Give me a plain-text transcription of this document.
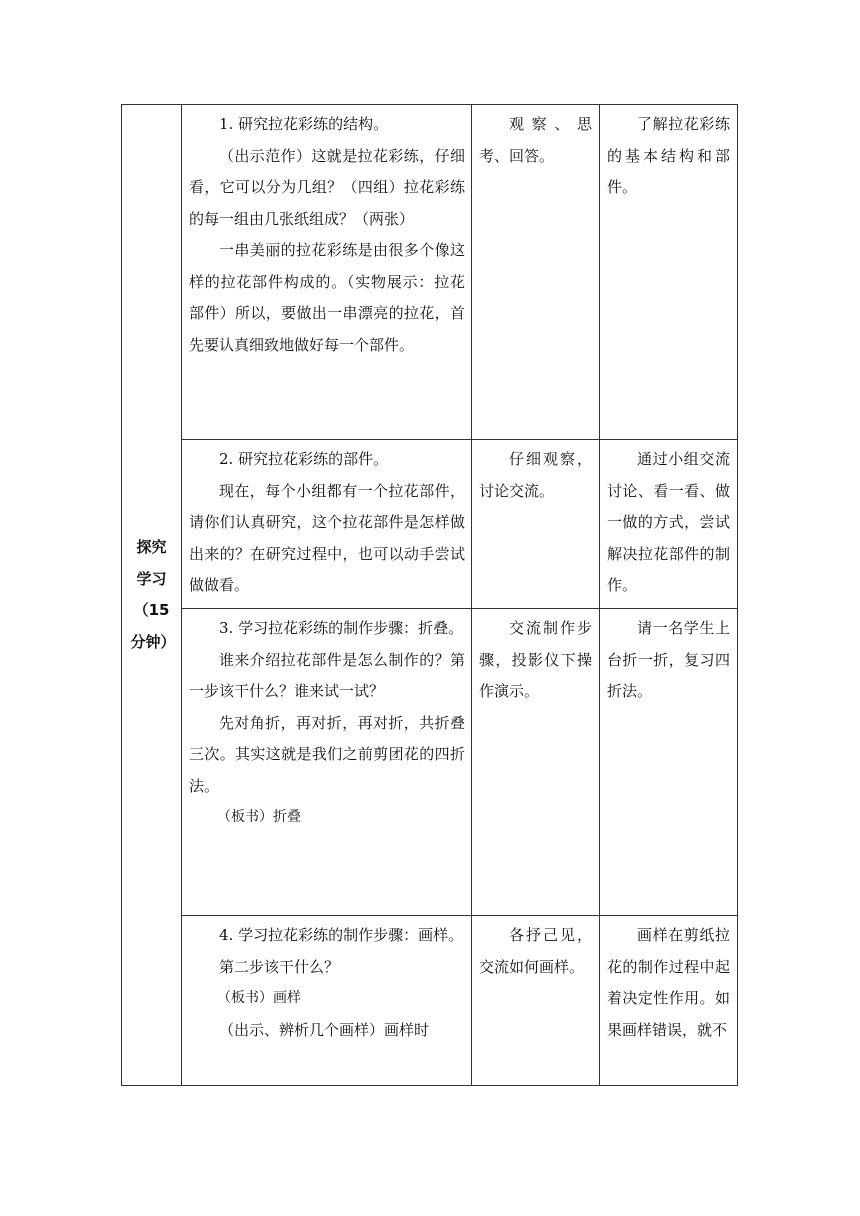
探究学习（15分钟）	1. 研究拉花彩练的结构。

（出示范作）这就是拉花彩练，仔细看，它可以分为几组？（四组）拉花彩练的每一组由几张纸组成？（两张）

一串美丽的拉花彩练是由很多个像这样的拉花部件构成的。（实物展示：拉花部件）所以，要做出一串漂亮的拉花，首先要认真细致地做好每一个部件。	观察、思考、回答。	了解拉花彩练的基本结构和部件。

	2. 研究拉花彩练的部件。

现在，每个小组都有一个拉花部件，请你们认真研究，这个拉花部件是怎样做出来的？在研究过程中，也可以动手尝试做做看。	仔细观察，讨论交流。	通过小组交流讨论、看一看、做一做的方式，尝试解决拉花部件的制作。

	3. 学习拉花彩练的制作步骤：折叠。

谁来介绍拉花部件是怎么制作的？第一步该干什么？谁来试一试？

先对角折，再对折，再对折，共折叠三次。其实这就是我们之前剪团花的四折法。

（板书）折叠	交流制作步骤，投影仪下操作演示。	请一名学生上台折一折，复习四折法。

	4. 学习拉花彩练的制作步骤：画样。

第二步该干什么？

（板书）画样

（出示、辨析几个画样）画样时	各抒己见，交流如何画样。	画样在剪纸拉花的制作过程中起着决定性作用。如果画样错误，就不
